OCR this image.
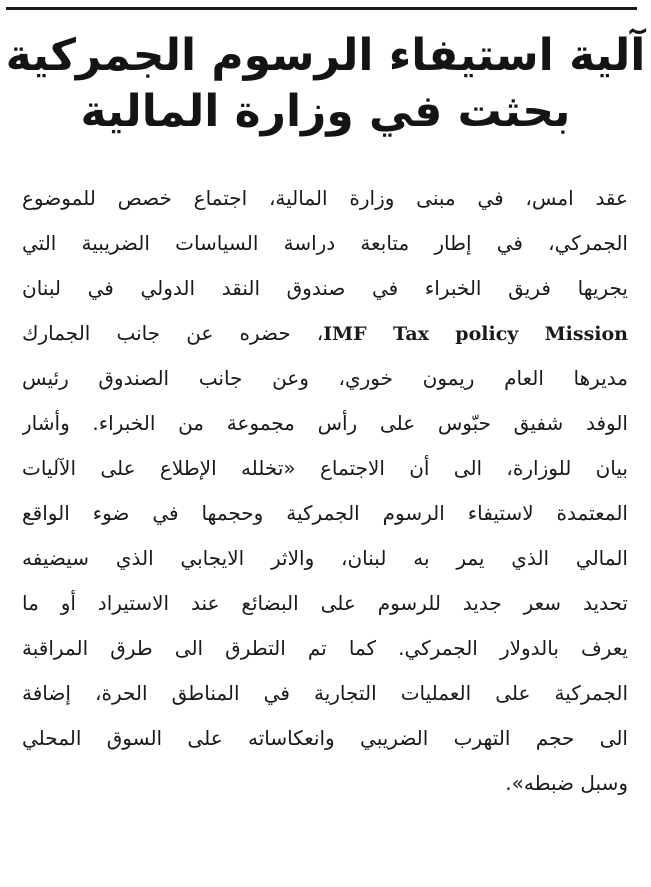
آلية استيفاء الرسوم الجمركية
بحثت في وزارة المالية
عقد امس، في مبنى وزارة المالية، اجتماع خصص للموضوع
الجمركي، في إطار متابعة دراسة السياسات الضريبية التي
يجريها فريق الخبراء في صندوق النقد الدولي في لبنان
IMF Tax policy Mission، حضره عن جانب الجمارك
مديرها العام ريمون خوري، وعن جانب الصندوق رئيس
الوفد شفيق حبّوس على رأس مجموعة من الخبراء. وأشار
بيان للوزارة، الى أن الاجتماع «تخلله الإطلاع على الآليات
المعتمدة لاستيفاء الرسوم الجمركية وحجمها في ضوء الواقع
المالي الذي يمر به لبنان، والاثر الايجابي الذي سيضيفه
تحديد سعر جديد للرسوم على البضائع عند الاستيراد أو ما
يعرف بالدولار الجمركي. كما تم التطرق الى طرق المراقبة
الجمركية على العمليات التجارية في المناطق الحرة، إضافة
الى حجم التهرب الضريبي وانعكاساته على السوق المحلي
وسبل ضبطه».
